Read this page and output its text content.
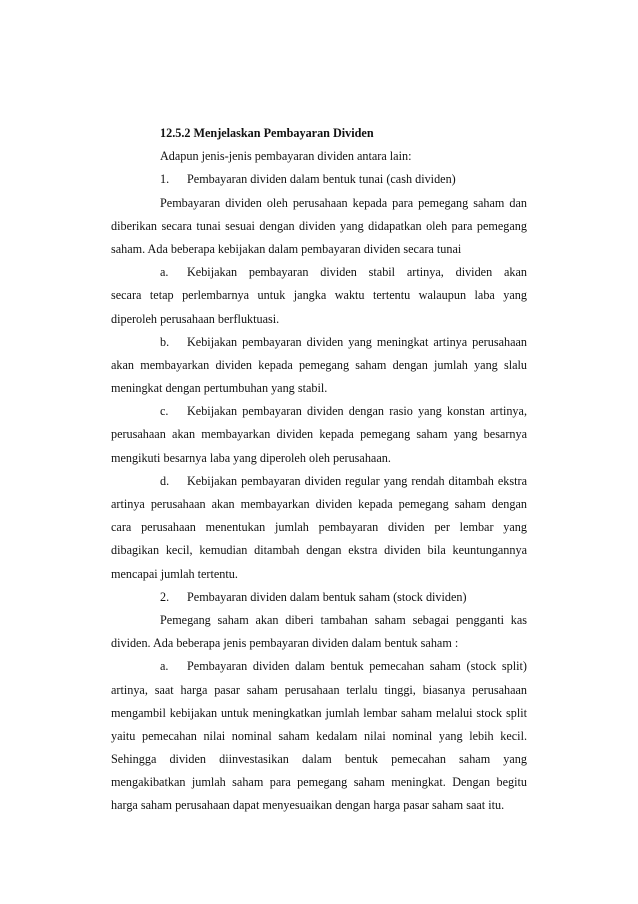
12.5.2 Menjelaskan Pembayaran Dividen
Adapun jenis-jenis pembayaran dividen antara lain:
1. Pembayaran dividen dalam bentuk tunai (cash dividen)
Pembayaran dividen oleh perusahaan kepada para pemegang saham dan
diberikan secara tunai sesuai dengan dividen yang didapatkan oleh para pemegang
saham. Ada beberapa kebijakan dalam pembayaran dividen secara tunai
a. Kebijakan pembayaran dividen stabil artinya, dividen akan
secara tetap perlembarnya untuk jangka waktu tertentu walaupun laba yang
diperoleh perusahaan berfluktuasi.
b. Kebijakan pembayaran dividen yang meningkat artinya perusahaan
akan membayarkan dividen kepada pemegang saham dengan jumlah yang slalu
meningkat dengan pertumbuhan yang stabil.
c. Kebijakan pembayaran dividen dengan rasio yang konstan artinya,
perusahaan akan membayarkan dividen kepada pemegang saham yang besarnya
mengikuti besarnya laba yang diperoleh oleh perusahaan.
d. Kebijakan pembayaran dividen regular yang rendah ditambah ekstra
artinya perusahaan akan membayarkan dividen kepada pemegang saham dengan
cara perusahaan menentukan jumlah pembayaran dividen per lembar yang
dibagikan kecil, kemudian ditambah dengan ekstra dividen bila keuntungannya
mencapai jumlah tertentu.
2. Pembayaran dividen dalam bentuk saham (stock dividen)
Pemegang saham akan diberi tambahan saham sebagai pengganti kas
dividen. Ada beberapa jenis pembayaran dividen dalam bentuk saham :
a. Pembayaran dividen dalam bentuk pemecahan saham (stock split)
artinya, saat harga pasar saham perusahaan terlalu tinggi, biasanya perusahaan
mengambil kebijakan untuk meningkatkan jumlah lembar saham melalui stock split
yaitu pemecahan nilai nominal saham kedalam nilai nominal yang lebih kecil.
Sehingga dividen diinvestasikan dalam bentuk pemecahan saham yang
mengakibatkan jumlah saham para pemegang saham meningkat. Dengan begitu
harga saham perusahaan dapat menyesuaikan dengan harga pasar saham saat itu.
